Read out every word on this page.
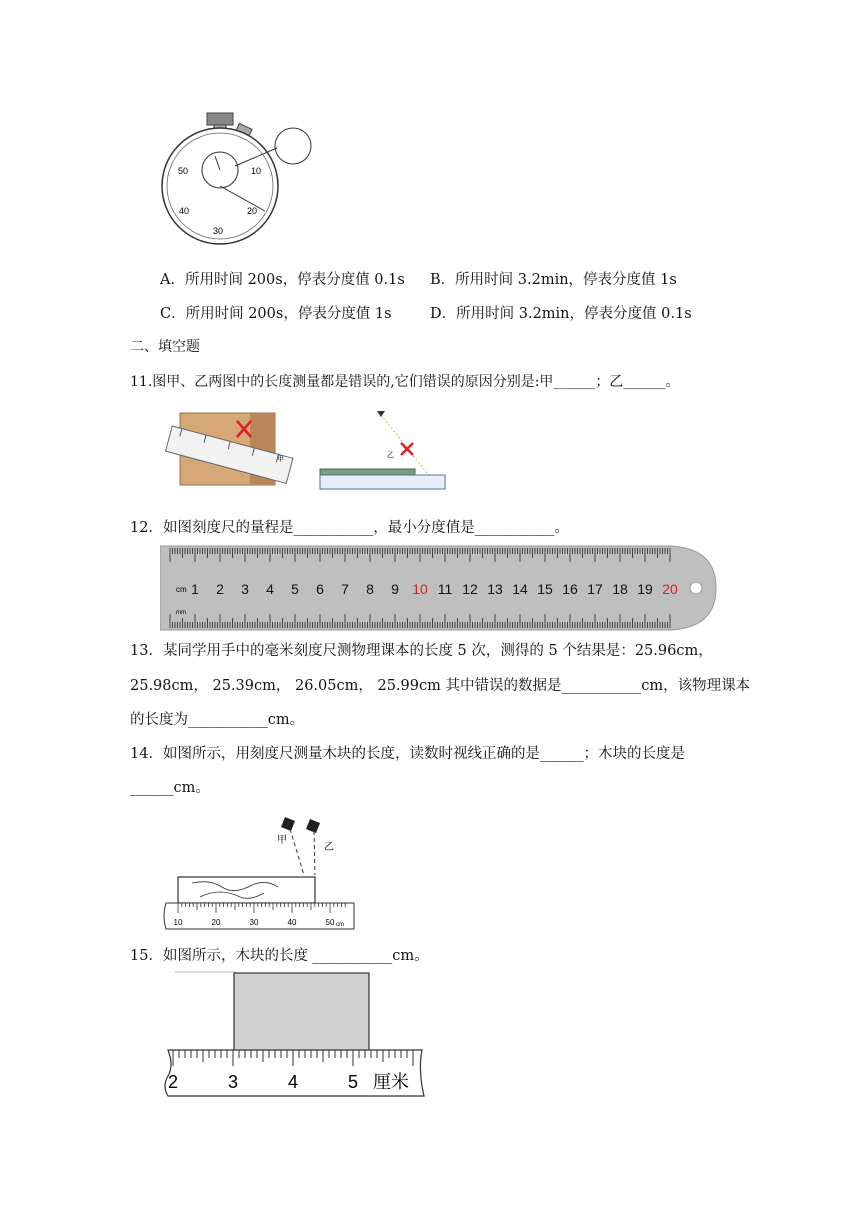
50	10
40	20
30
A．所用时间 200s，停表分度值 0.1s B．所用时间 3.2min，停表分度值 1s
C．所用时间 200s，停表分度值 1s	D．所用时间 3.2min，停表分度值 0.1s
二、填空题
11.图甲、乙两图中的长度测量都是错误的,它们错误的原因分别是:甲______；乙______。
甲
乙
12．如图刻度尺的量程是___________，最小分度值是___________。
cm
mm
1 2 3 4 5 6 7 8 9 10 11 12 13 14 15 16 17 18 19 20
13．某同学用手中的毫米刻度尺测物理课本的长度 5 次，测得的 5 个结果是：25.96cm，
25.98cm， 25.39cm， 26.05cm， 25.99cm 其中错误的数据是___________cm，该物理课本
的长度为___________cm。
14．如图所示，用刻度尺测量木块的长度，读数时视线正确的是______；木块的长度是
______cm。
甲
乙
10	20	30	40	50 cm
15．如图所示，木块的长度 ___________cm。
2	3	4	5 厘米
